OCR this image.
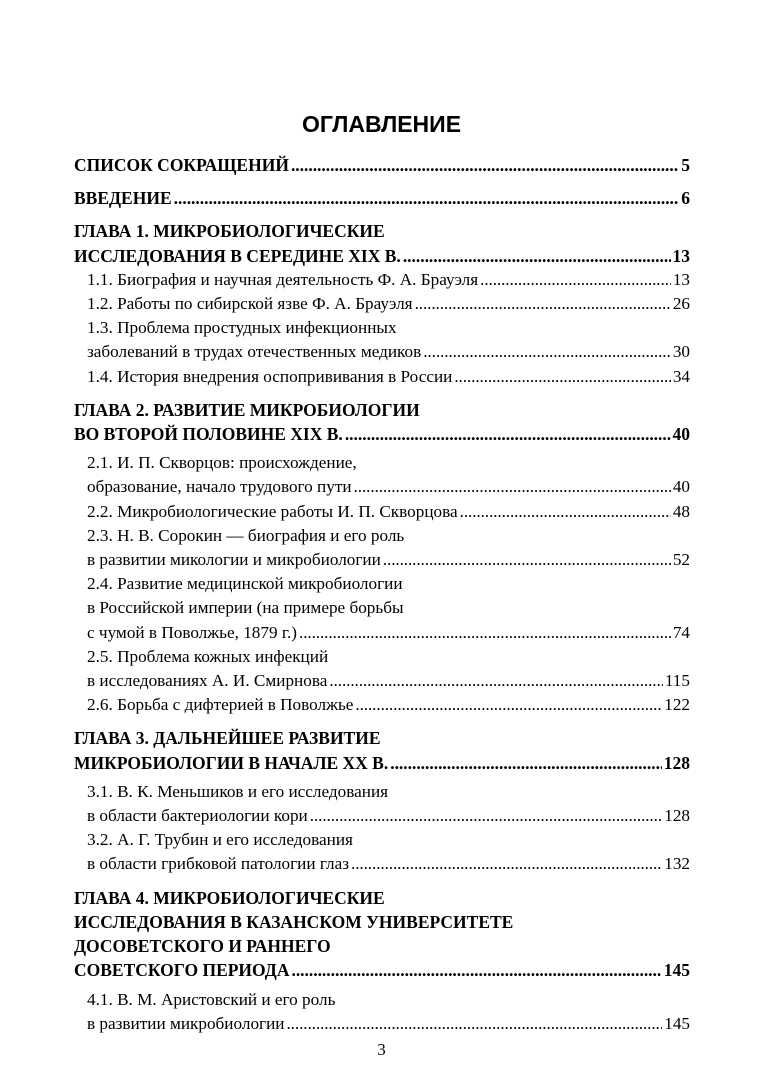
ОГЛАВЛЕНИЕ
СПИСОК СОКРАЩЕНИЙ . . .	5
ВВЕДЕНИЕ . . .	6
ГЛАВА 1. МИКРОБИОЛОГИЧЕСКИЕ
ИССЛЕДОВАНИЯ В СЕРЕДИНЕ XIX В. . . .	13
1.1. Биография и научная деятельность Ф. А. Брауэля . . .	13
1.2. Работы по сибирской язве Ф. А. Брауэля . . .	26
1.3. Проблема простудных инфекционных
заболеваний в трудах отечественных медиков . . .	30
1.4. История внедрения оспопрививания в России . . .	34
ГЛАВА 2. РАЗВИТИЕ МИКРОБИОЛОГИИ
ВО ВТОРОЙ ПОЛОВИНЕ XIX В. . . .	40
2.1. И. П. Скворцов: происхождение,
образование, начало трудового пути . . .	40
2.2. Микробиологические работы И. П. Скворцова . . .	48
2.3. Н. В. Сорокин — биография и его роль
в развитии микологии и микробиологии . . .	52
2.4. Развитие медицинской микробиологии
в Российской империи (на примере борьбы
с чумой в Поволжье, 1879 г.) . . .	74
2.5. Проблема кожных инфекций
в исследованиях А. И. Смирнова . . .	115
2.6. Борьба с дифтерией в Поволжье . . .	122
ГЛАВА 3. ДАЛЬНЕЙШЕЕ РАЗВИТИЕ
МИКРОБИОЛОГИИ В НАЧАЛЕ XX В. . . .	128
3.1. В. К. Меньшиков и его исследования
в области бактериологии кори . . .	128
3.2. А. Г. Трубин и его исследования
в области грибковой патологии глаз . . .	132
ГЛАВА 4. МИКРОБИОЛОГИЧЕСКИЕ
ИССЛЕДОВАНИЯ В КАЗАНСКОМ УНИВЕРСИТЕТЕ
ДОСОВЕТСКОГО И РАННЕГО
СОВЕТСКОГО ПЕРИОДА . . .	145
4.1. В. М. Аристовский и его роль
в развитии микробиологии . . .	145
3
